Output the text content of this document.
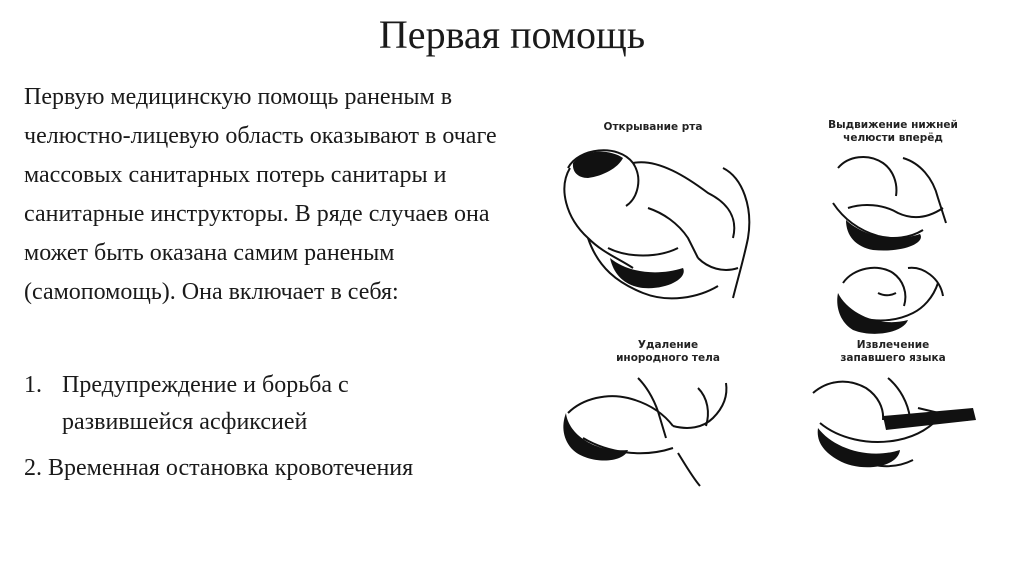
Первая помощь

Первую медицинскую помощь раненым в челюстно-лицевую область оказывают в очаге массовых санитарных потерь санитары и санитарные инструкторы. В ряде случаев она может быть оказана самим раненым (самопомощь). Она включает в себя:

1. Предупреждение и борьба с развившейся асфиксией
2. Временная остановка кровотечения
Открывание рта	Выдвижение нижней
челюсти вперёд
Удаление
инородного тела
Извлечение
запавшего языка
